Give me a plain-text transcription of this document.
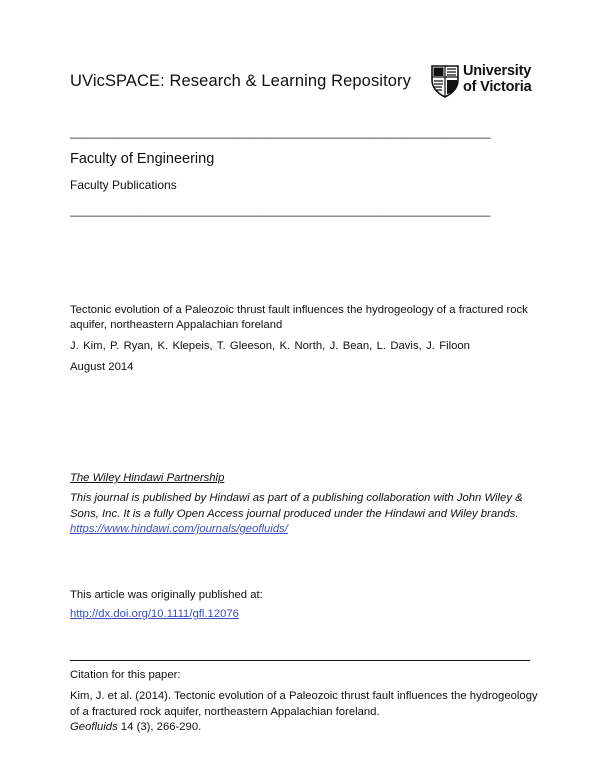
UVicSPACE: Research & Learning Repository
University
of Victoria
_______________________________________________________________
Faculty of Engineering
Faculty Publications
_______________________________________________________________
Tectonic evolution of a Paleozoic thrust fault influences the hydrogeology of a fractured rock aquifer, northeastern Appalachian foreland
J. Kim, P. Ryan, K. Klepeis, T. Gleeson, K. North, J. Bean, L. Davis, J. Filoon
August 2014
The Wiley Hindawi Partnership
This journal is published by Hindawi as part of a publishing collaboration with John Wiley & Sons, Inc. It is a fully Open Access journal produced under the Hindawi and Wiley brands. https://www.hindawi.com/journals/geofluids/
This article was originally published at:
http://dx.doi.org/10.1111/gfl.12076
Citation for this paper:
Kim, J. et al. (2014). Tectonic evolution of a Paleozoic thrust fault influences the hydrogeology of a fractured rock aquifer, northeastern Appalachian foreland.
Geofluids 14 (3), 266-290.
